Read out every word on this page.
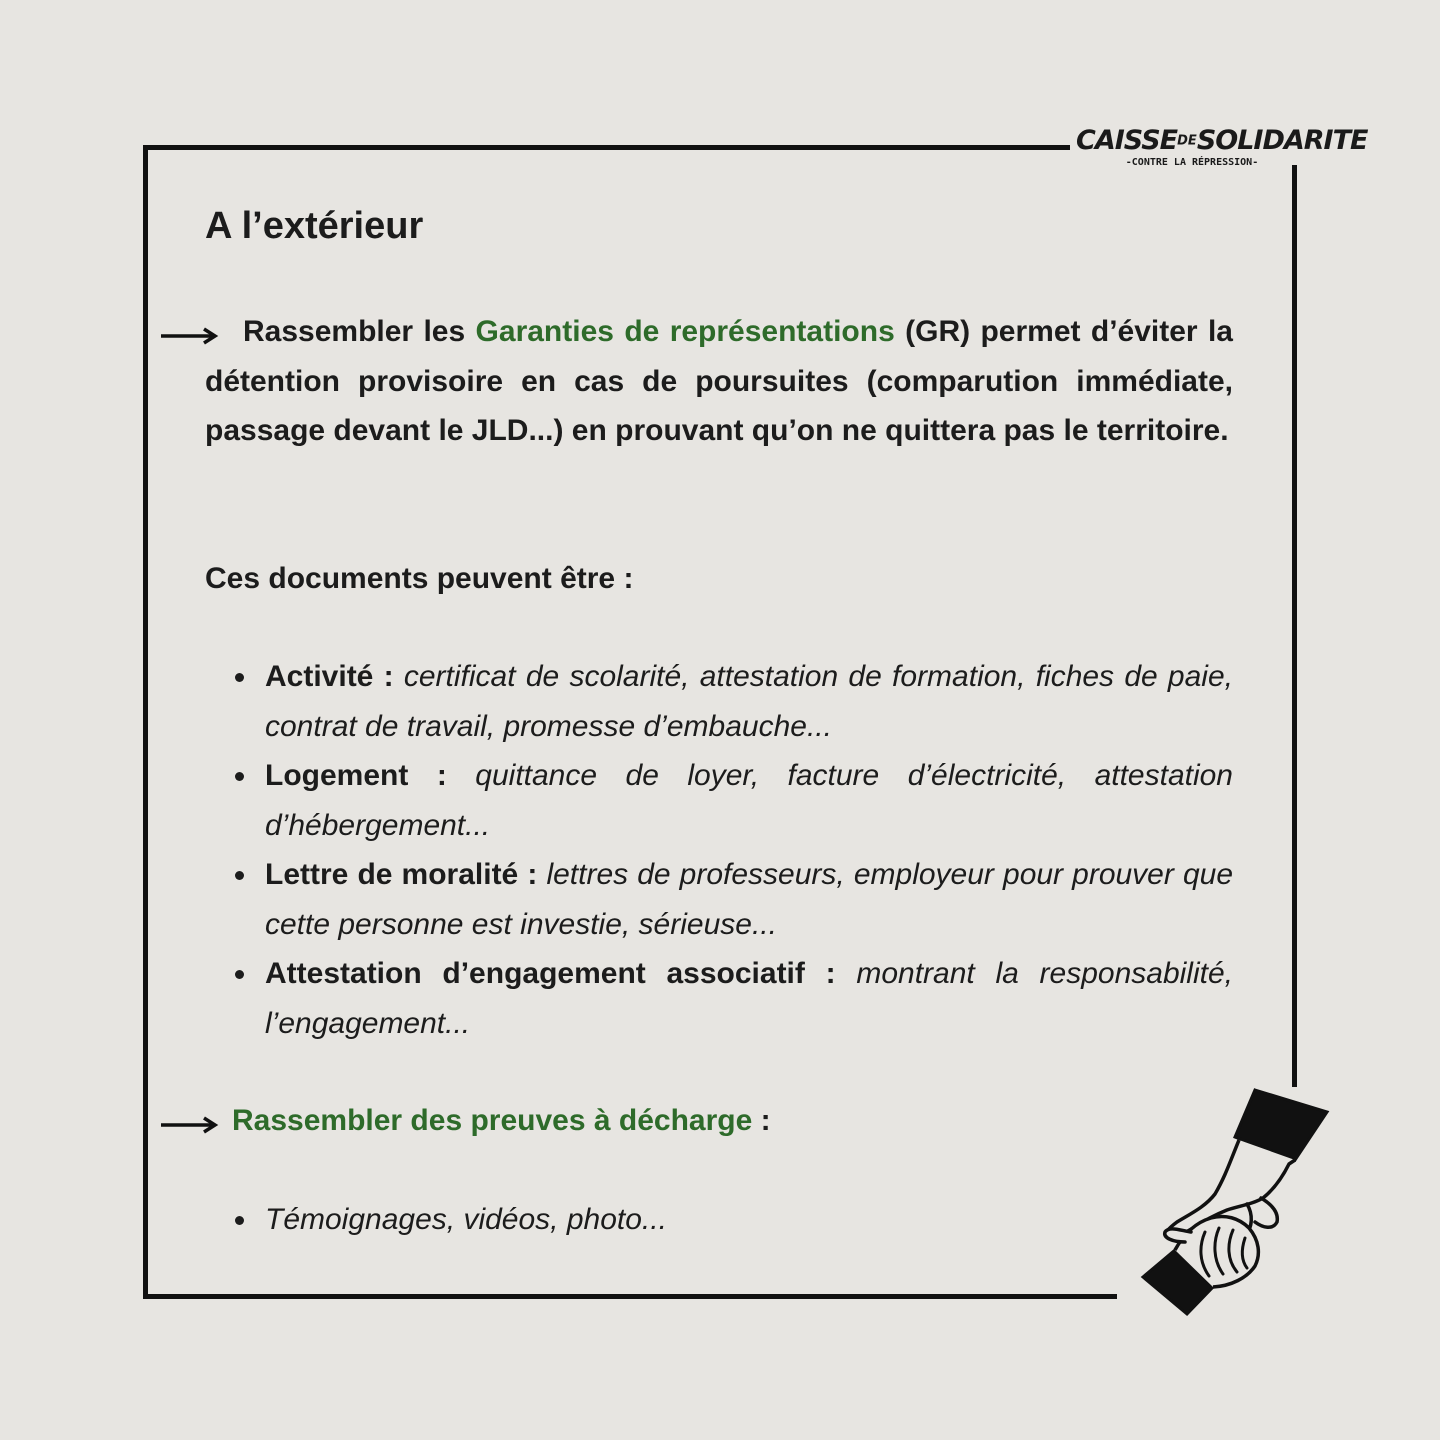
CAISSEDESOLIDARITE
-CONTRE LA RÉPRESSION-
A l’extérieur

Rassembler les Garanties de représentations (GR) permet d’éviter la détention provisoire en cas de poursuites (comparution immédiate, passage devant le JLD...) en prouvant qu’on ne quittera pas le territoire.

Ces documents peuvent être :

Activité : certificat de scolarité, attestation de formation, fiches de paie, contrat de travail, promesse d’embauche...
Logement : quittance de loyer, facture d’électricité, attestation d’hébergement...
Lettre de moralité : lettres de professeurs, employeur pour prouver que cette personne est investie, sérieuse...
Attestation d’engagement associatif : montrant la responsabilité, l’engagement...

Rassembler des preuves à décharge :

Témoignages, vidéos, photo...
